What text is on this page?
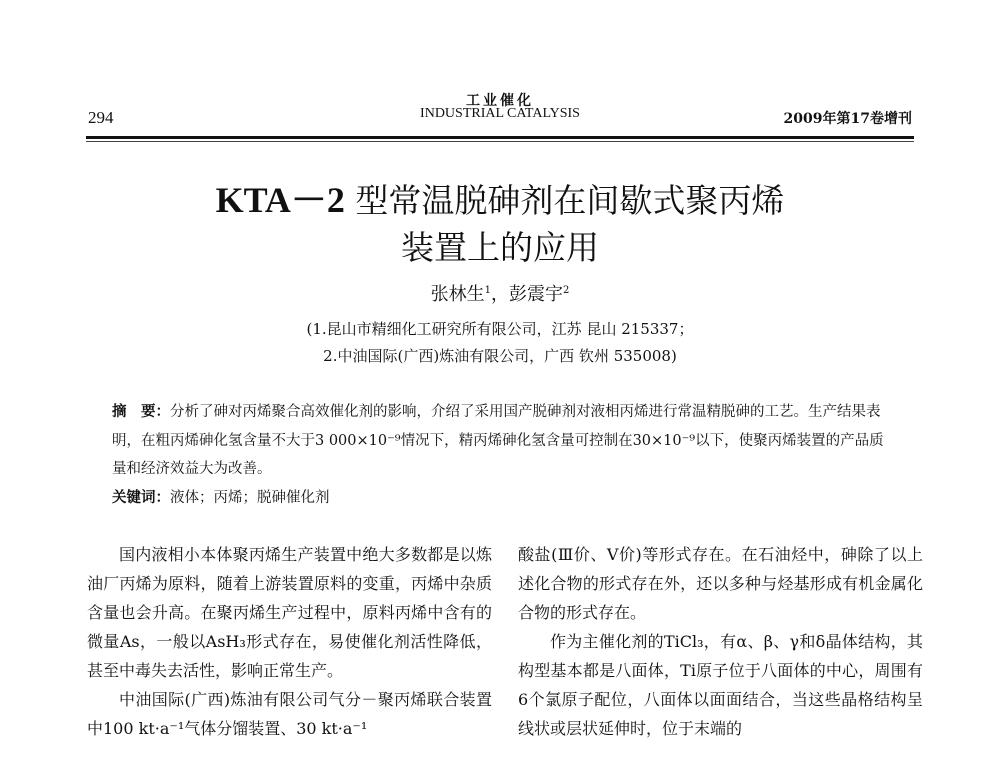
294
工业催化
INDUSTRIAL CATALYSIS	2009年第17卷增刊
KTA－2 型常温脱砷剂在间歇式聚丙烯
装置上的应用
张林生$^1$，彭震宇$^2$
(1.昆山市精细化工研究所有限公司，江苏 昆山 215337；
2.中油国际(广西)炼油有限公司，广西 钦州 535008)
摘　要：分析了砷对丙烯聚合高效催化剂的影响，介绍了采用国产脱砷剂对液相丙烯进行常温精脱砷的工艺。生产结果表明，在粗丙烯砷化氢含量不大于3 000×10⁻⁹情况下，精丙烯砷化氢含量可控制在30×10⁻⁹以下，使聚丙烯装置的产品质量和经济效益大为改善。
关键词：液体；丙烯；脱砷催化剂

国内液相小本体聚丙烯生产装置中绝大多数都是以炼油厂丙烯为原料，随着上游装置原料的变重，丙烯中杂质含量也会升高。在聚丙烯生产过程中，原料丙烯中含有的微量As，一般以AsH₃形式存在，易使催化剂活性降低，甚至中毒失去活性，影响正常生产。

中油国际(广西)炼油有限公司气分－聚丙烯联合装置中100 kt·a⁻¹气体分馏装置、30 kt·a⁻¹

酸盐(Ⅲ价、Ⅴ价)等形式存在。在石油烃中，砷除了以上述化合物的形式存在外，还以多种与烃基形成有机金属化合物的形式存在。

作为主催化剂的TiCl₃，有α、β、γ和δ晶体结构，其构型基本都是八面体，Ti原子位于八面体的中心，周围有6个氯原子配位，八面体以面面结合，当这些晶格结构呈线状或层状延伸时，位于末端的
